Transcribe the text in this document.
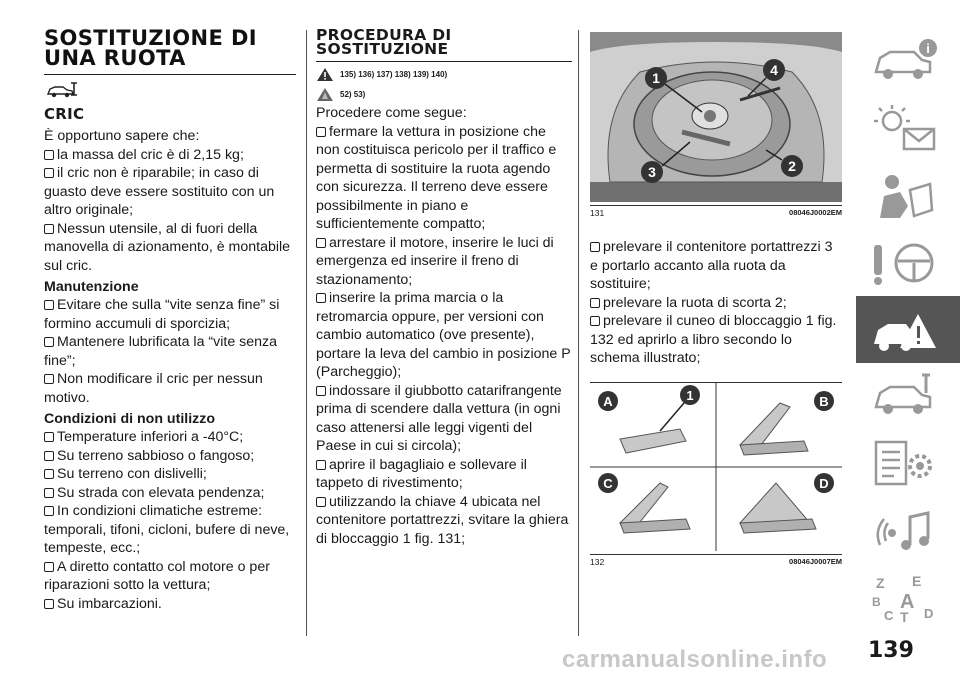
SOSTITUZIONE DI
UNA RUOTA
CRIC

È opportuno sapere che:

la massa del cric è di 2,15 kg;

il cric non è riparabile; in caso di guasto deve essere sostituito con un altro originale;

Nessun utensile, al di fuori della manovella di azionamento, è montabile sul cric.

Manutenzione

Evitare che sulla “vite senza fine” si formino accumuli di sporcizia;

Mantenere lubrificata la “vite senza fine”;

Non modificare il cric per nessun motivo.

Condizioni di non utilizzo

Temperature inferiori a -40°C;

Su terreno sabbioso o fangoso;

Su terreno con dislivelli;

Su strada con elevata pendenza;

In condizioni climatiche estreme: temporali, tifoni, cicloni, bufere di neve, tempeste, ecc.;

A diretto contatto col motore o per riparazioni sotto la vettura;

Su imbarcazioni.

PROCEDURA DI
SOSTITUZIONE
135) 136) 137) 138) 139) 140)
52) 53)

Procedere come segue:

fermare la vettura in posizione che non costituisca pericolo per il traffico e permetta di sostituire la ruota agendo con sicurezza. Il terreno deve essere possibilmente in piano e sufficientemente compatto;

arrestare il motore, inserire le luci di emergenza ed inserire il freno di stazionamento;

inserire la prima marcia o la retromarcia oppure, per versioni con cambio automatico (ove presente), portare la leva del cambio in posizione P (Parcheggio);

indossare il giubbotto catarifrangente prima di scendere dalla vettura (in ogni caso attenersi alle leggi vigenti del Paese in cui si circola);

aprire il bagagliaio e sollevare il tappeto di rivestimento;

utilizzando la chiave 4 ubicata nel contenitore portattrezzi, svitare la ghiera di bloccaggio 1 fig. 131;

1	4
3	2
131	08046J0002EM

prelevare il contenitore portattrezzi 3 e portarlo accanto alla ruota da sostituire;

prelevare la ruota di scorta 2;

prelevare il cuneo di bloccaggio 1 fig. 132 ed aprirlo a libro secondo lo schema illustrato;

A	1	B
C	D
132	08046J0007EM
i
Z E
B A
C T D
139
carmanualsonline.info
